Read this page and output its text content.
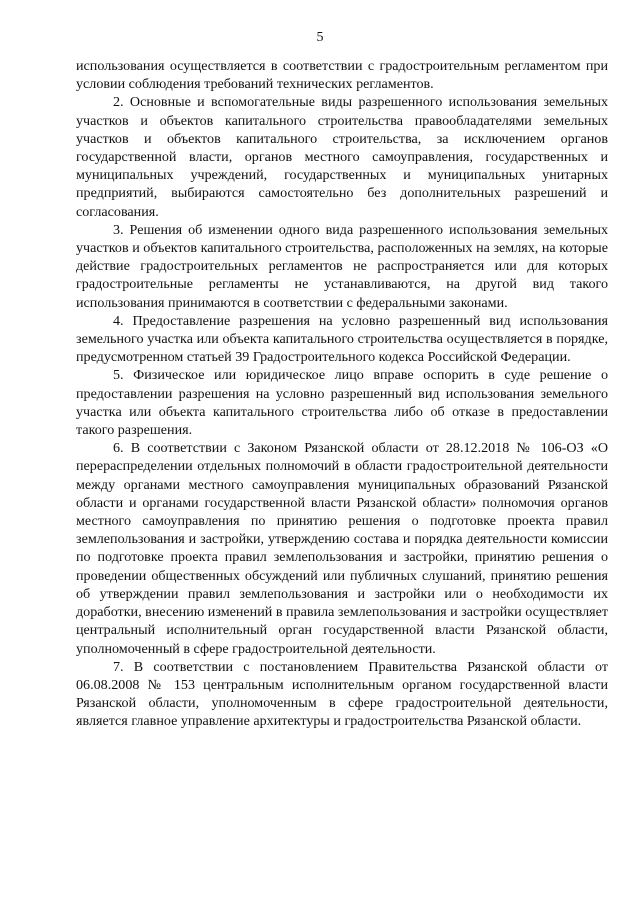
5

использования осуществляется в соответствии с градостроительным регламентом при условии соблюдения требований технических регламентов.

2. Основные и вспомогательные виды разрешенного использования земельных участков и объектов капитального строительства правообладателями земельных участков и объектов капитального строительства, за исключением органов государственной власти, органов местного самоуправления, государственных и муниципальных учреждений, государственных и муниципальных унитарных предприятий, выбираются самостоятельно без дополнительных разрешений и согласования.

3. Решения об изменении одного вида разрешенного использования земельных участков и объектов капитального строительства, расположенных на землях, на которые действие градостроительных регламентов не распространяется или для которых градостроительные регламенты не устанавливаются, на другой вид такого использования принимаются в соответствии с федеральными законами.

4. Предоставление разрешения на условно разрешенный вид использования земельного участка или объекта капитального строительства осуществляется в порядке, предусмотренном статьей 39 Градостроительного кодекса Российской Федерации.

5. Физическое или юридическое лицо вправе оспорить в суде решение о предоставлении разрешения на условно разрешенный вид использования земельного участка или объекта капитального строительства либо об отказе в предоставлении такого разрешения.

6. В соответствии с Законом Рязанской области от 28.12.2018 № 106-ОЗ «О перераспределении отдельных полномочий в области градостроительной деятельности между органами местного самоуправления муниципальных образований Рязанской области и органами государственной власти Рязанской области» полномочия органов местного самоуправления по принятию решения о подготовке проекта правил землепользования и застройки, утверждению состава и порядка деятельности комиссии по подготовке проекта правил землепользования и застройки, принятию решения о проведении общественных обсуждений или публичных слушаний, принятию решения об утверждении правил землепользования и застройки или о необходимости их доработки, внесению изменений в правила землепользования и застройки осуществляет центральный исполнительный орган государственной власти Рязанской области, уполномоченный в сфере градостроительной деятельности.

7. В соответствии с постановлением Правительства Рязанской области от 06.08.2008 № 153 центральным исполнительным органом государственной власти Рязанской области, уполномоченным в сфере градостроительной деятельности, является главное управление архитектуры и градостроительства Рязанской области.
